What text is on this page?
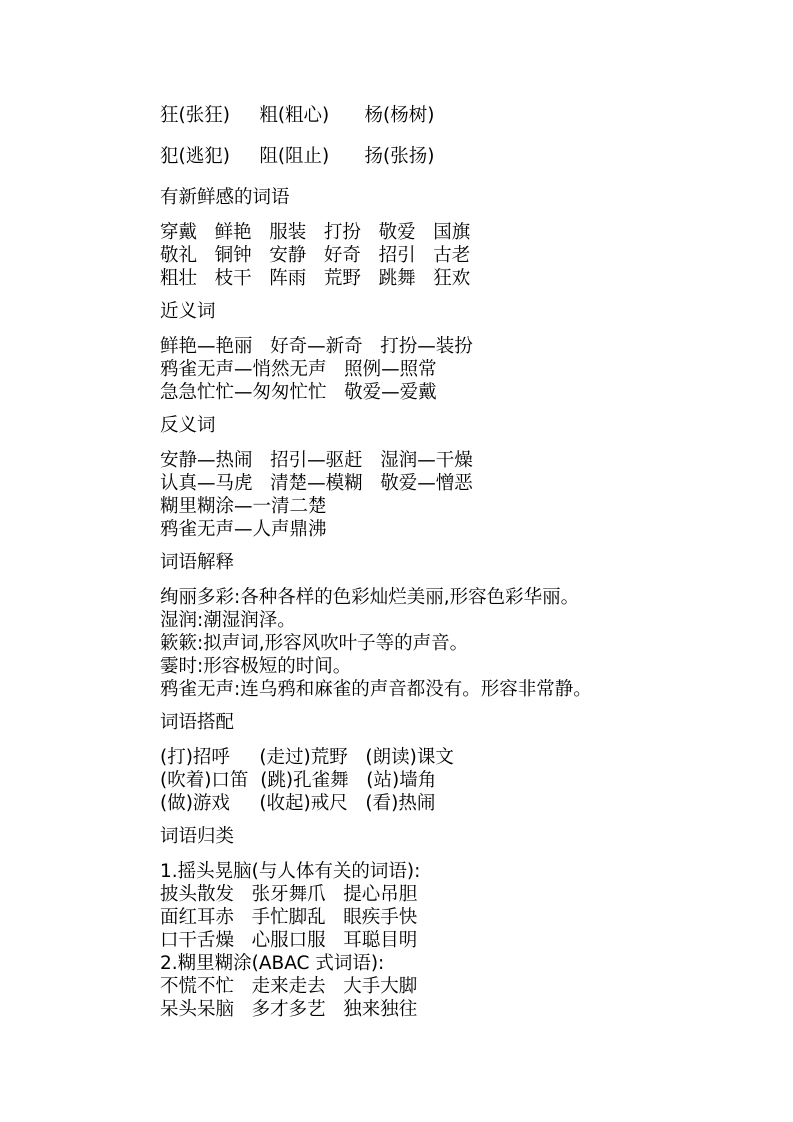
狂(张狂)     粗(粗心)      杨(杨树)

犯(逃犯)     阻(阻止)      扬(张扬)

有新鲜感的词语

穿戴   鲜艳   服装   打扮   敬爱   国旗

敬礼   铜钟   安静   好奇   招引   古老

粗壮   枝干   阵雨   荒野   跳舞   狂欢

近义词

鲜艳—艳丽   好奇—新奇   打扮—装扮

鸦雀无声—悄然无声   照例—照常

急急忙忙—匆匆忙忙   敬爱—爱戴

反义词

安静—热闹   招引—驱赶   湿润—干燥

认真—马虎   清楚—模糊   敬爱—憎恶

糊里糊涂—一清二楚

鸦雀无声—人声鼎沸

词语解释

绚丽多彩:各种各样的色彩灿烂美丽,形容色彩华丽。

湿润:潮湿润泽。

簌簌:拟声词,形容风吹叶子等的声音。

霎时:形容极短的时间。

鸦雀无声:连乌鸦和麻雀的声音都没有。形容非常静。

词语搭配

(打)招呼     (走过)荒野   (朗读)课文

(吹着)口笛  (跳)孔雀舞   (站)墙角

(做)游戏     (收起)戒尺   (看)热闹

词语归类

1.摇头晃脑(与人体有关的词语):

披头散发   张牙舞爪   提心吊胆

面红耳赤   手忙脚乱   眼疾手快

口干舌燥   心服口服   耳聪目明

2.糊里糊涂(ABAC 式词语):

不慌不忙   走来走去   大手大脚

呆头呆脑   多才多艺   独来独往
